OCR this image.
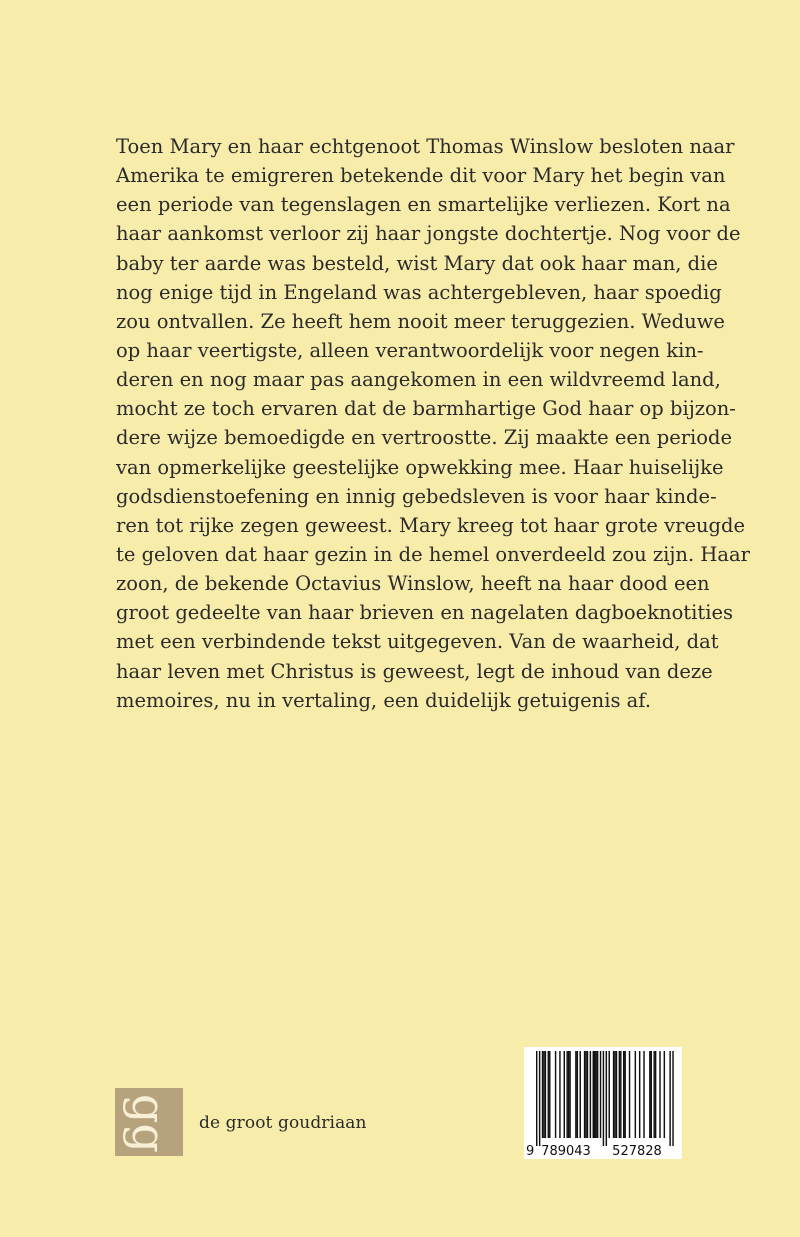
Toen Mary en haar echtgenoot Thomas Winslow besloten naar
Amerika te emigreren betekende dit voor Mary het begin van
een periode van tegenslagen en smartelijke verliezen. Kort na
haar aankomst verloor zij haar jongste dochtertje. Nog voor de
baby ter aarde was besteld, wist Mary dat ook haar man, die
nog enige tijd in Engeland was achtergebleven, haar spoedig
zou ontvallen. Ze heeft hem nooit meer teruggezien. Weduwe
op haar veertigste, alleen verantwoordelijk voor negen kin-
deren en nog maar pas aangekomen in een wildvreemd land,
mocht ze toch ervaren dat de barmhartige God haar op bijzon-
dere wijze bemoedigde en vertroostte. Zij maakte een periode
van opmerkelijke geestelijke opwekking mee. Haar huiselijke
godsdienstoefening en innig gebedsleven is voor haar kinde-
ren tot rijke zegen geweest. Mary kreeg tot haar grote vreugde
te geloven dat haar gezin in de hemel onverdeeld zou zijn. Haar
zoon, de bekende Octavius Winslow, heeft na haar dood een
groot gedeelte van haar brieven en nagelaten dagboeknotities
met een verbindende tekst uitgegeven. Van de waarheid, dat
haar leven met Christus is geweest, legt de inhoud van deze
memoires, nu in vertaling, een duidelijk getuigenis af.
gg de groot goudriaan
9 789043 527828
